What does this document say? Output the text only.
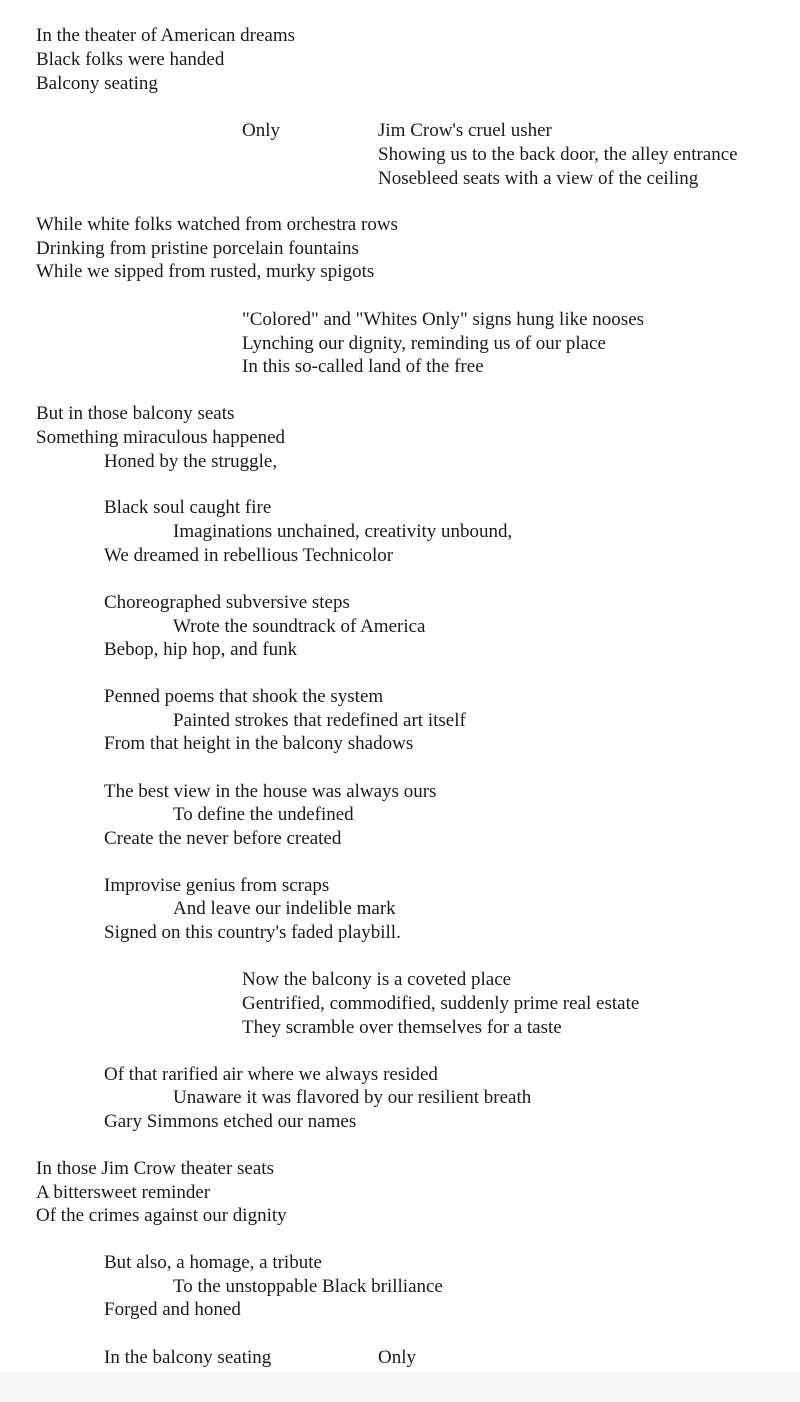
In the theater of American dreams

Black folks were handed

Balcony seating

Only	Jim Crow's cruel usher

Showing us to the back door, the alley entrance

Nosebleed seats with a view of the ceiling

While white folks watched from orchestra rows

Drinking from pristine porcelain fountains

While we sipped from rusted, murky spigots

"Colored" and "Whites Only" signs hung like nooses

Lynching our dignity, reminding us of our place

In this so-called land of the free

But in those balcony seats

Something miraculous happened

Honed by the struggle,

Black soul caught fire

Imaginations unchained, creativity unbound,

We dreamed in rebellious Technicolor

Choreographed subversive steps

Wrote the soundtrack of America

Bebop, hip hop, and funk

Penned poems that shook the system

Painted strokes that redefined art itself

From that height in the balcony shadows

The best view in the house was always ours

To define the undefined

Create the never before created

Improvise genius from scraps

And leave our indelible mark

Signed on this country's faded playbill.

Now the balcony is a coveted place

Gentrified, commodified, suddenly prime real estate

They scramble over themselves for a taste

Of that rarified air where we always resided

Unaware it was flavored by our resilient breath

Gary Simmons etched our names

In those Jim Crow theater seats

A bittersweet reminder

Of the crimes against our dignity

But also, a homage, a tribute

To the unstoppable Black brilliance

Forged and honed

In the balcony seating	Only
